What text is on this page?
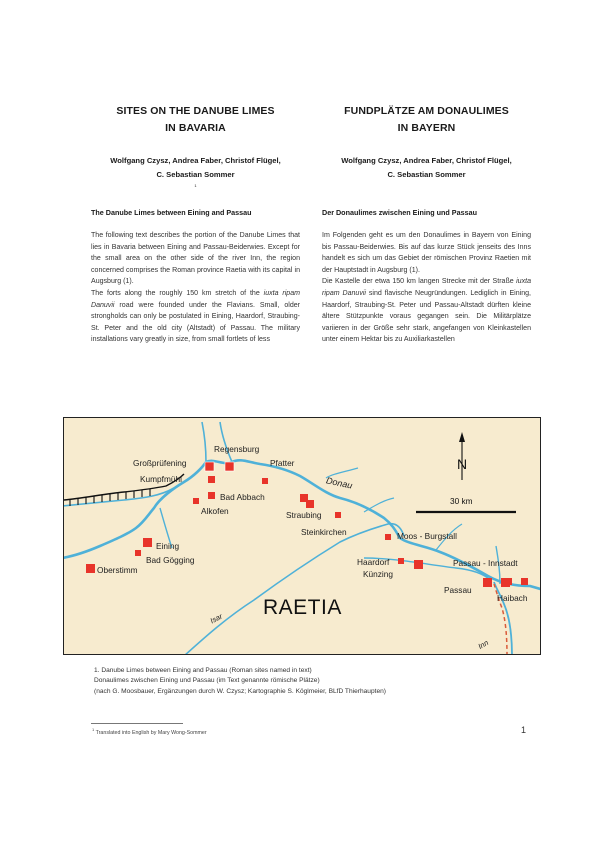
SITES ON THE DANUBE LIMES
IN BAVARIA
Wolfgang Czysz, Andrea Faber, Christof Flügel,
C. Sebastian Sommer
$^1$
The Danube Limes between Eining and Passau

The following text describes the portion of the Danube Limes that lies in Bavaria between Eining and Passau-Beiderwies. Except for the small area on the other side of the river Inn, the region concerned comprises the Roman province Raetia with its capital in Augsburg (1).

The forts along the roughly 150 km stretch of the iuxta ripam Danuvii road were founded under the Flavians. Small, older strongholds can only be postulated in Eining, Haardorf, Straubing-St. Peter and the old city (Altstadt) of Passau. The military installations vary greatly in size, from small fortlets of less

FUNDPLÄTZE AM DONAULIMES
IN BAYERN
Wolfgang Czysz, Andrea Faber, Christof Flügel,
C. Sebastian Sommer
Der Donaulimes zwischen Eining und Passau

Im Folgenden geht es um den Donaulimes in Bayern von Eining bis Passau-Beiderwies. Bis auf das kurze Stück jenseits des Inns handelt es sich um das Gebiet der römischen Provinz Raetien mit der Hauptstadt in Augsburg (1).

Die Kastelle der etwa 150 km langen Strecke mit der Straße iuxta ripam Danuvii sind flavische Neugründungen. Lediglich in Eining, Haardorf, Straubing-St. Peter und Passau-Altstadt dürften kleine ältere Stützpunkte voraus gegangen sein. Die Militärplätze variieren in der Größe sehr stark, angefangen von Kleinkastellen unter einem Hektar bis zu Auxiliarkastellen

Regensburg
Großprüfening
Kumpfmühl
Pfatter
Bad Abbach
Alkofen	Straubing
Steinkirchen	Moos - Burgstall
Eining
Bad Gögging
Oberstimm
Haardorf
Künzing
Passau - Innstadt
Passau
Haibach
Donau
Isar
Inn
RAETIA
N
30 km
1. Danube Limes between Eining and Passau (Roman sites named in text)
Donaulimes zwischen Eining und Passau (im Text genannte römische Plätze)
(nach G. Moosbauer, Ergänzungen durch W. Czysz; Kartographie S. Köglmeier, BLfD Thierhaupten)
$^1$ Translated into English by Mary Wong-Sommer	1
